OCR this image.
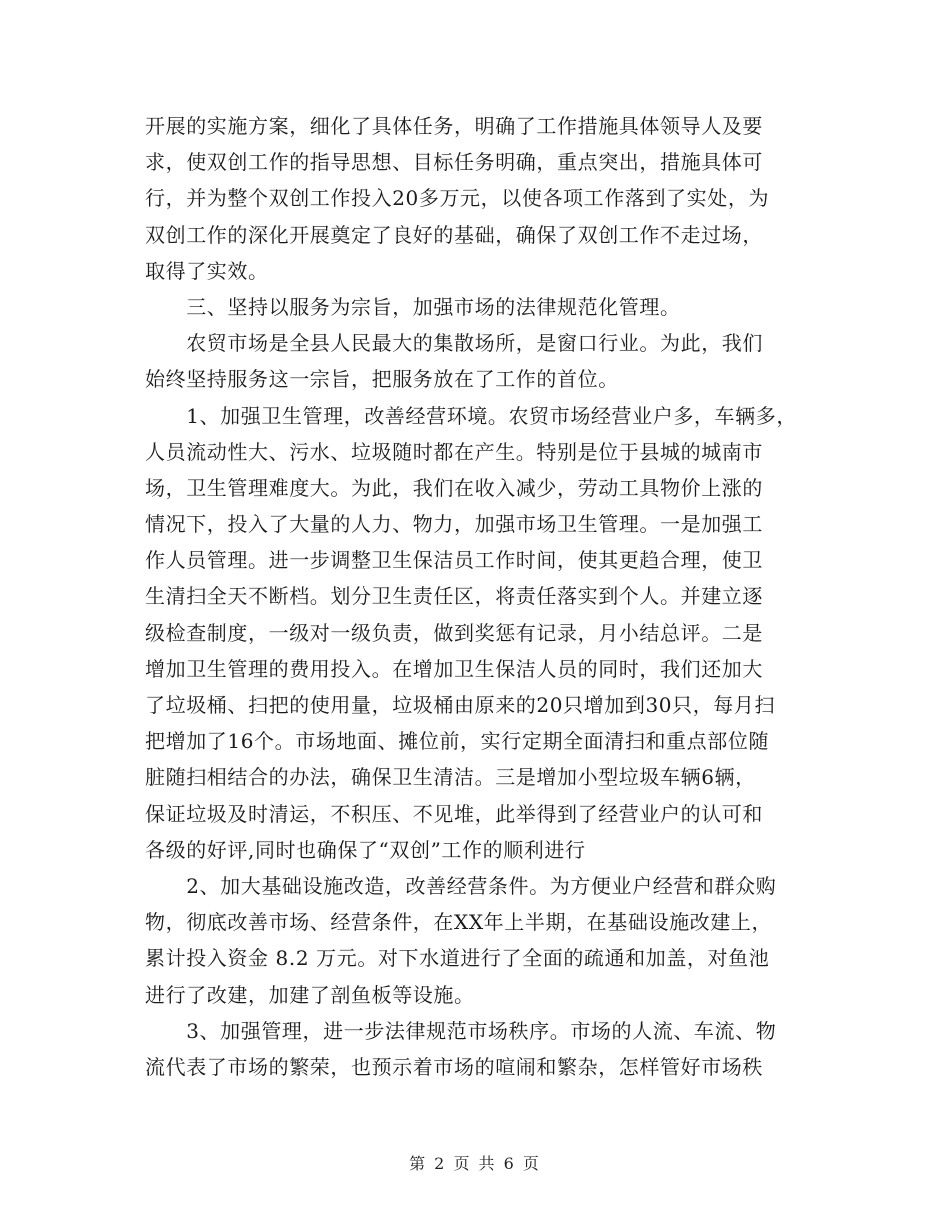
开展的实施方案，细化了具体任务，明确了工作措施具体领导人及要
求，使双创工作的指导思想、目标任务明确，重点突出，措施具体可
行，并为整个双创工作投入20多万元，以使各项工作落到了实处，为
双创工作的深化开展奠定了良好的基础，确保了双创工作不走过场，
取得了实效。
　　三、坚持以服务为宗旨，加强市场的法律规范化管理。
　　农贸市场是全县人民最大的集散场所，是窗口行业。为此，我们
始终坚持服务这一宗旨，把服务放在了工作的首位。
　　1、加强卫生管理，改善经营环境。农贸市场经营业户多，车辆多，
人员流动性大、污水、垃圾随时都在产生。特别是位于县城的城南市
场，卫生管理难度大。为此，我们在收入减少，劳动工具物价上涨的
情况下，投入了大量的人力、物力，加强市场卫生管理。一是加强工
作人员管理。进一步调整卫生保洁员工作时间，使其更趋合理，使卫
生清扫全天不断档。划分卫生责任区，将责任落实到个人。并建立逐
级检查制度，一级对一级负责，做到奖惩有记录，月小结总评。二是
增加卫生管理的费用投入。在增加卫生保洁人员的同时，我们还加大
了垃圾桶、扫把的使用量，垃圾桶由原来的20只增加到30只，每月扫
把增加了16个。市场地面、摊位前，实行定期全面清扫和重点部位随
脏随扫相结合的办法，确保卫生清洁。三是增加小型垃圾车辆6辆，
保证垃圾及时清运，不积压、不见堆，此举得到了经营业户的认可和
各级的好评,同时也确保了“双创”工作的顺利进行
　　2、加大基础设施改造，改善经营条件。为方便业户经营和群众购
物，彻底改善市场、经营条件，在XX年上半期，在基础设施改建上，
累计投入资金 8.2 万元。对下水道进行了全面的疏通和加盖，对鱼池
进行了改建，加建了剖鱼板等设施。
　　3、加强管理，进一步法律规范市场秩序。市场的人流、车流、物
流代表了市场的繁荣，也预示着市场的喧闹和繁杂，怎样管好市场秩
第 2 页 共 6 页
